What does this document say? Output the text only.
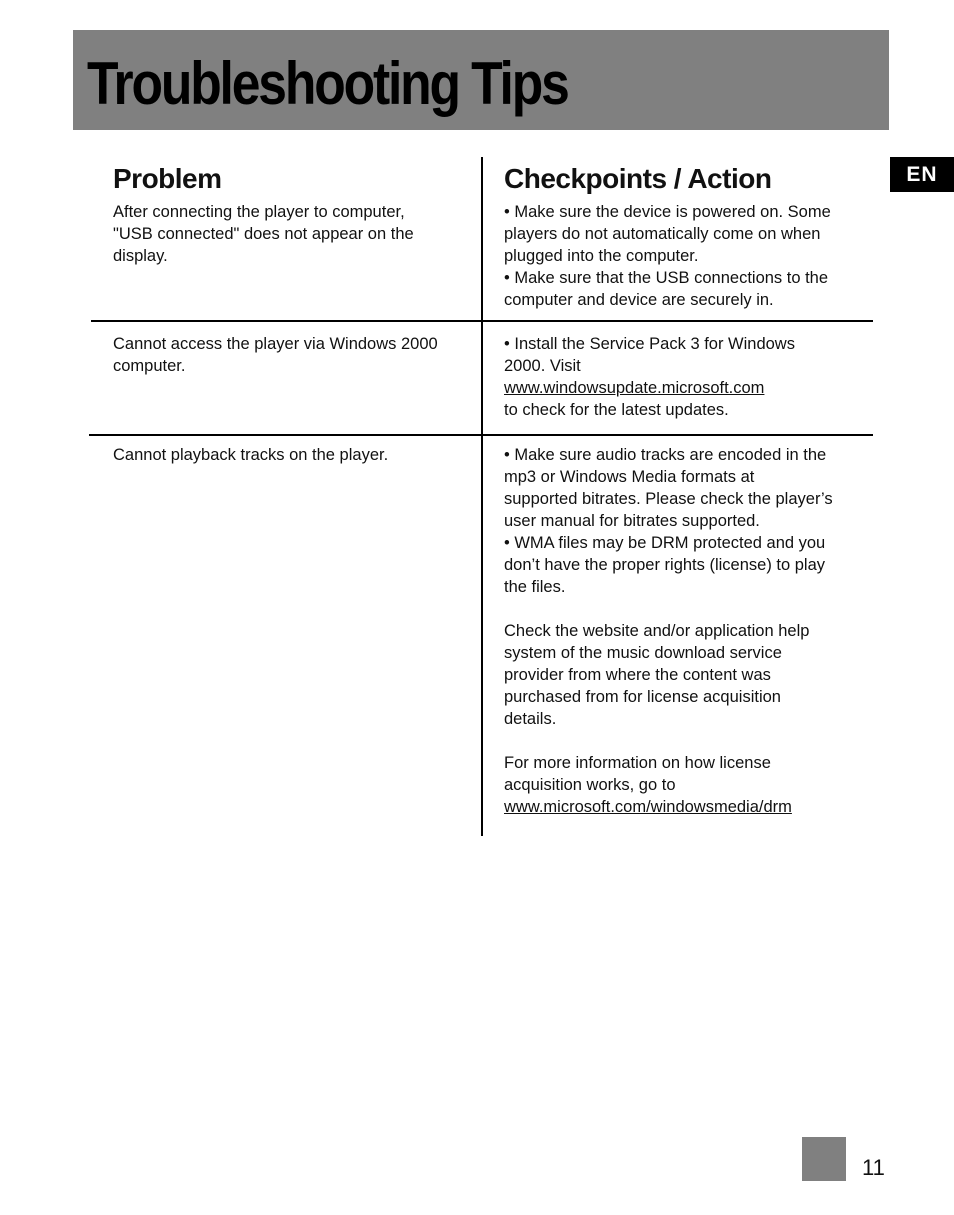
Troubleshooting Tips
EN
Problem	Checkpoints / Action

After connecting the player to computer,

"USB connected" does not appear on the

display.

• Make sure the device is powered on. Some

players do not automatically come on when

plugged into the computer.

• Make sure that the USB connections to the

computer and device are securely in.

Cannot access the player via Windows 2000

computer.

• Install the Service Pack 3 for Windows

2000. Visit

www.windowsupdate.microsoft.com

to check for the latest updates.

Cannot playback tracks on the player.	• Make sure audio tracks are encoded in the

mp3 or Windows Media formats at

supported bitrates. Please check the player’s

user manual for bitrates supported.

• WMA files may be DRM protected and you

don’t have the proper rights (license) to play

the files.

Check the website and/or application help

system of the music download service

provider from where the content was

purchased from for license acquisition

details.

For more information on how license

acquisition works, go to

www.microsoft.com/windowsmedia/drm

11
